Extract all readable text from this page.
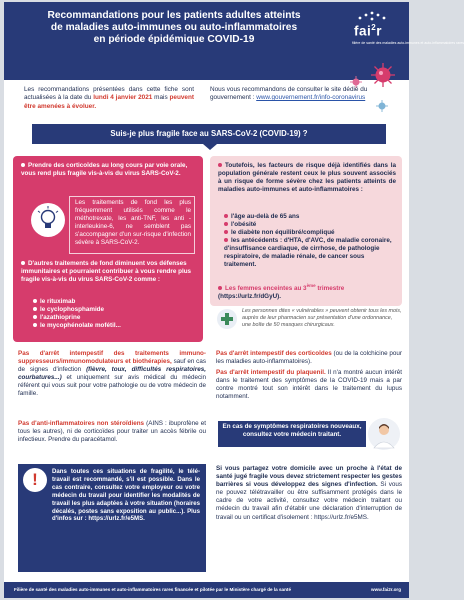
Recommandations pour les patients adultes atteints
de maladies auto-immunes ou auto-inflammatoires
en période épidémique COVID-19
fai$^2$r
filière de santé des maladies auto-immunes et auto-inflammatoires rares
Les recommandations présentées dans cette fiche sont actualisées à la date du lundi 4 janvier 2021 mais peuvent être amenées à évoluer.
Nous vous recommandons de consulter le site dédié du gouvernement : www.gouvernement.fr/info-coronavirus
Suis-je plus fragile face au SARS-CoV-2 (COVID-19) ?
Prendre des corticoïdes au long cours par voie orale, vous rend plus fragile vis-à-vis du virus SARS-CoV-2.
Les traitements de fond les plus fréquemment utilisés comme le méthotrexate, les anti-TNF, les anti -interleukine-6, ne semblent pas s'accompagner d'un sur-risque d'infection sévère à SARS-CoV-2.
D'autres traitements de fond diminuent vos défenses immunitaires et pourraient contribuer à vous rendre plus fragile vis-à-vis du virus SARS-CoV-2 comme :
le rituximab
le cyclophosphamide
l'azathioprine
le mycophénolate mofétil...
Toutefois, les facteurs de risque déjà identifiés dans la population générale restent ceux le plus souvent associés à un risque de forme sévère chez les patients atteints de maladies auto-immunes et auto-inflammatoires :
l'âge au-delà de 65 ans
l'obésité
le diabète non équilibré/compliqué
les antécédents : d'HTA, d'AVC, de maladie coronaire, d'insuffisance cardiaque, de cirrhose, de pathologie respiratoire, de maladie rénale, de cancer sous traitement.
Les femmes enceintes au 3ème trimestre (https://urlz.fr/dGyU).
Les personnes dites « vulnérables » peuvent obtenir tous les mois, auprès de leur pharmacien sur présentation d'une ordonnance, une boîte de 50 masques chirurgicaux.
Pas d'arrêt intempestif des traitements immuno-suppresseurs/immunomodulateurs et biothérapies, sauf en cas de signes d'infection (fièvre, toux, difficultés respiratoires, courbatures...) et uniquement sur avis médical du médecin référent qui vous suit pour votre pathologie ou de votre médecin de famille.
Pas d'anti-inflammatoires non stéroïdiens (AINS : ibuprofène et tous les autres), ni de corticoïdes pour traiter un accès fébrile ou infectieux. Prendre du paracétamol.
Pas d'arrêt intempestif des corticoïdes (ou de la colchicine pour les maladies auto-inflammatoires).
Pas d'arrêt intempestif du plaquenil. Il n'a montré aucun intérêt dans le traitement des symptômes de la COVID-19 mais a par contre montré tout son intérêt dans le traitement du lupus notamment.
En cas de symptômes respiratoires nouveaux, consultez votre médecin traitant.
!	Dans toutes ces situations de fragilité, le télé-travail est recommandé, s'il est possible. Dans le cas contraire, consultez votre employeur ou votre médecin du travail pour identifier les modalités de travail les plus adaptées à votre situation (horaires décalés, postes sans exposition au public...). Plus d'infos sur : https://urlz.fr/e5MS.
Si vous partagez votre domicile avec un proche à l'état de santé jugé fragile vous devez strictement respecter les gestes barrières si vous développez des signes d'infection. Si vous ne pouvez télétravailler ou être suffisamment protégés dans le cadre de votre activité, consultez votre médecin traitant ou médecin du travail afin d'établir une déclaration d'interruption de travail ou un certificat d'isolement : https://urlz.fr/e5MS.
Filière de santé des maladies auto-immunes et auto-inflammatoires rares financée et pilotée par le Ministère chargé de la santé	www.fai2r.org
